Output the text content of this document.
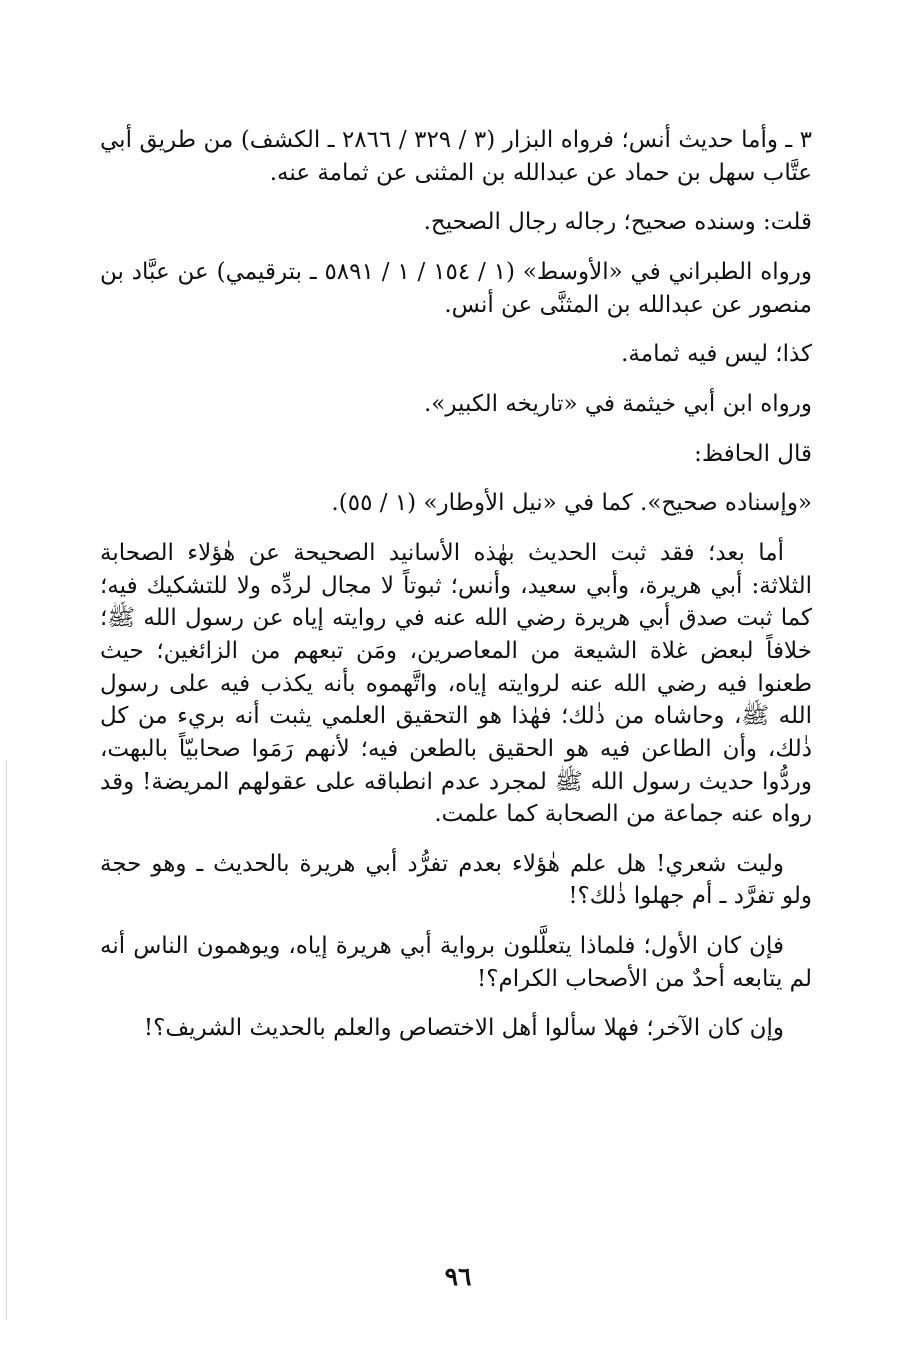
٣ ـ وأما حديث أنس؛ فرواه البزار (٣ / ٣٢٩ / ٢٨٦٦ ـ الكشف) من طريق أبي عتَّاب سهل بن حماد عن عبدالله بن المثنى عن ثمامة عنه.

قلت: وسنده صحيح؛ رجاله رجال الصحيح.

ورواه الطبراني في «الأوسط» (١ / ١٥٤ / ١ / ٥٨٩١ ـ بترقيمي) عن عبَّاد بن منصور عن عبدالله بن المثنَّى عن أنس.

كذا؛ ليس فيه ثمامة.

ورواه ابن أبي خيثمة في «تاريخه الكبير».

قال الحافظ:

«وإسناده صحيح». كما في «نيل الأوطار» (١ / ٥٥).

أما بعد؛ فقد ثبت الحديث بهٰذه الأسانيد الصحيحة عن هٰؤلاء الصحابة الثلاثة: أبي هريرة، وأبي سعيد، وأنس؛ ثبوتاً لا مجال لردِّه ولا للتشكيك فيه؛ كما ثبت صدق أبي هريرة رضي الله عنه في روايته إياه عن رسول الله ﷺ؛ خلافاً لبعض غلاة الشيعة من المعاصرين، ومَن تبعهم من الزائغين؛ حيث طعنوا فيه رضي الله عنه لروايته إياه، واتَّهموه بأنه يكذب فيه على رسول الله ﷺ، وحاشاه من ذٰلك؛ فهٰذا هو التحقيق العلمي يثبت أنه بريء من كل ذٰلك، وأن الطاعن فيه هو الحقيق بالطعن فيه؛ لأنهم رَمَوا صحابيّاً بالبهت، وردُّوا حديث رسول الله ﷺ لمجرد عدم انطباقه على عقولهم المريضة! وقد رواه عنه جماعة من الصحابة كما علمت.

وليت شعري! هل علم هٰؤلاء بعدم تفرُّد أبي هريرة بالحديث ـ وهو حجة ولو تفرَّد ـ أم جهلوا ذٰلك؟!

فإن كان الأول؛ فلماذا يتعلَّلون برواية أبي هريرة إياه، ويوهمون الناس أنه لم يتابعه أحدٌ من الأصحاب الكرام؟!

وإن كان الآخر؛ فهلا سألوا أهل الاختصاص والعلم بالحديث الشريف؟!

٩٦
